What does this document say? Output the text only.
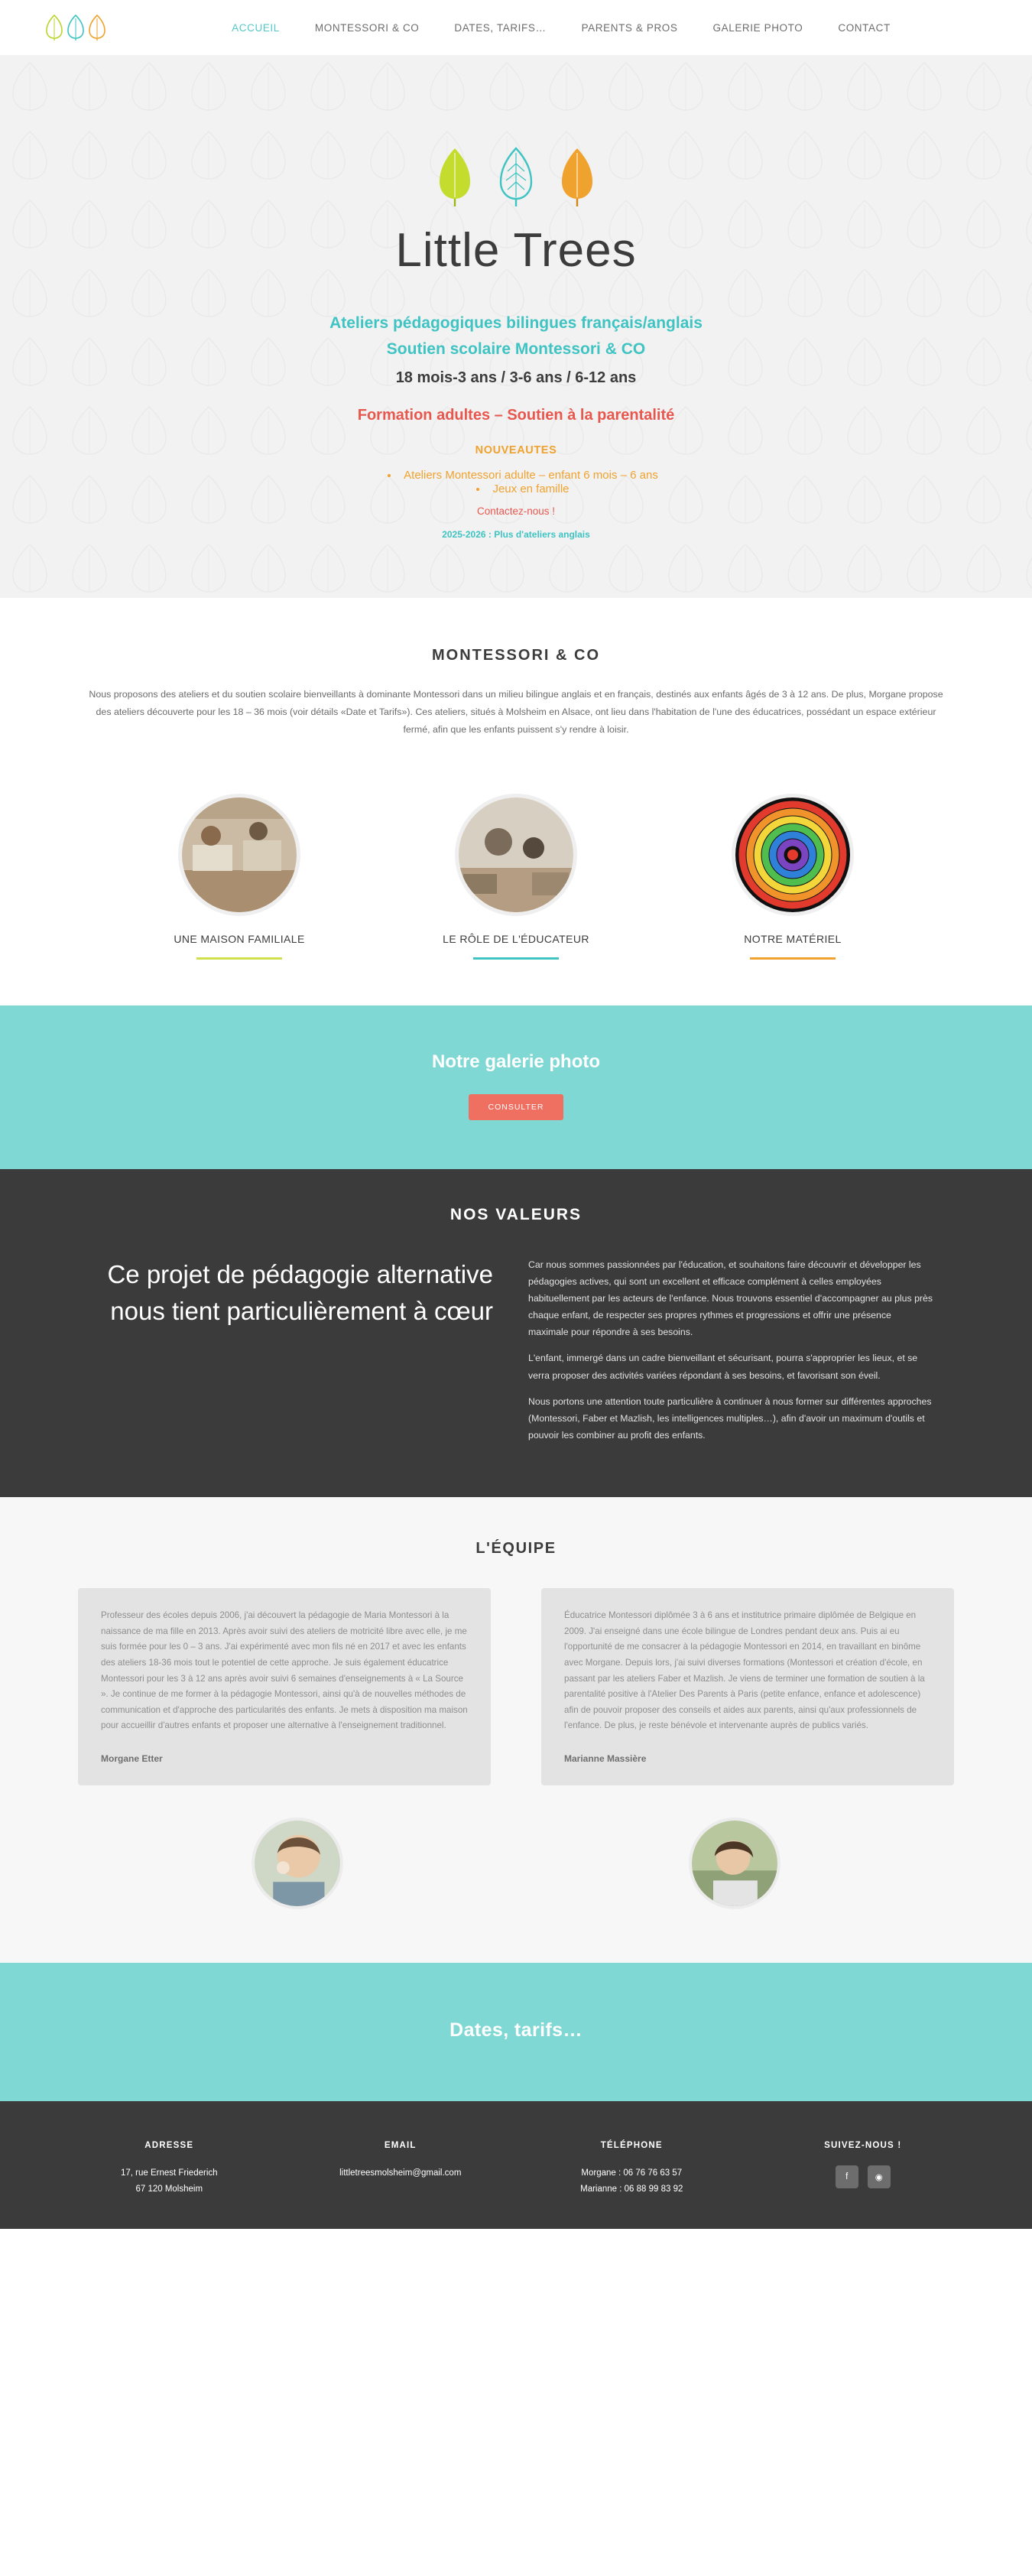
ACCUEIL	MONTESSORI & CO	DATES, TARIFS…	PARENTS & PROS	GALERIE PHOTO	CONTACT
Little Trees
Ateliers pédagogiques bilingues français/anglais
Soutien scolaire Montessori & CO
18 mois-3 ans / 3-6 ans / 6-12 ans
Formation adultes – Soutien à la parentalité
NOUVEAUTES
• Ateliers Montessori adulte – enfant 6 mois – 6 ans
• Jeux en famille
Contactez-nous !
2025-2026 : Plus d'ateliers anglais
MONTESSORI & CO

Nous proposons des ateliers et du soutien scolaire bienveillants à dominante Montessori dans un milieu bilingue anglais et en français, destinés aux enfants âgés de 3 à 12 ans. De plus, Morgane propose des ateliers découverte pour les 18 – 36 mois (voir détails «Date et Tarifs»). Ces ateliers, situés à Molsheim en Alsace, ont lieu dans l'habitation de l'une des éducatrices, possédant un espace extérieur fermé, afin que les enfants puissent s'y rendre à loisir.

UNE MAISON FAMILIALE	LE RÔLE DE L'ÉDUCATEUR	NOTRE MATÉRIEL
Notre galerie photo
CONSULTER
NOS VALEURS
Ce projet de pédagogie alternative nous tient particulièrement à cœur

Car nous sommes passionnées par l'éducation, et souhaitons faire découvrir et développer les pédagogies actives, qui sont un excellent et efficace complément à celles employées habituellement par les acteurs de l'enfance. Nous trouvons essentiel d'accompagner au plus près chaque enfant, de respecter ses propres rythmes et progressions et offrir une présence maximale pour répondre à ses besoins.

L'enfant, immergé dans un cadre bienveillant et sécurisant, pourra s'approprier les lieux, et se verra proposer des activités variées répondant à ses besoins, et favorisant son éveil.

Nous portons une attention toute particulière à continuer à nous former sur différentes approches (Montessori, Faber et Mazlish, les intelligences multiples…), afin d'avoir un maximum d'outils et pouvoir les combiner au profit des enfants.

L'ÉQUIPE
Professeur des écoles depuis 2006, j'ai découvert la pédagogie de Maria Montessori à la naissance de ma fille en 2013. Après avoir suivi des ateliers de motricité libre avec elle, je me suis formée pour les 0 – 3 ans. J'ai expérimenté avec mon fils né en 2017 et avec les enfants des ateliers 18-36 mois tout le potentiel de cette approche. Je suis également éducatrice Montessori pour les 3 à 12 ans après avoir suivi 6 semaines d'enseignements à « La Source ». Je continue de me former à la pédagogie Montessori, ainsi qu'à de nouvelles méthodes de communication et d'approche des particularités des enfants. Je mets à disposition ma maison pour accueillir d'autres enfants et proposer une alternative à l'enseignement traditionnel.
Morgane Etter
Éducatrice Montessori diplômée 3 à 6 ans et institutrice primaire diplômée de Belgique en 2009. J'ai enseigné dans une école bilingue de Londres pendant deux ans. Puis ai eu l'opportunité de me consacrer à la pédagogie Montessori en 2014, en travaillant en binôme avec Morgane. Depuis lors, j'ai suivi diverses formations (Montessori et création d'école, en passant par les ateliers Faber et Mazlish. Je viens de terminer une formation de soutien à la parentalité positive à l'Atelier Des Parents à Paris (petite enfance, enfance et adolescence) afin de pouvoir proposer des conseils et aides aux parents, ainsi qu'aux professionnels de l'enfance. De plus, je reste bénévole et intervenante auprès de publics variés.
Marianne Massière
Dates, tarifs…
ADRESSE

17, rue Ernest Friederich

67 120 Molsheim

EMAIL

littletreesmolsheim@gmail.com

TÉLÉPHONE

Morgane : 06 76 76 63 57

Marianne : 06 88 99 83 92

SUIVEZ-NOUS !
f	◉
